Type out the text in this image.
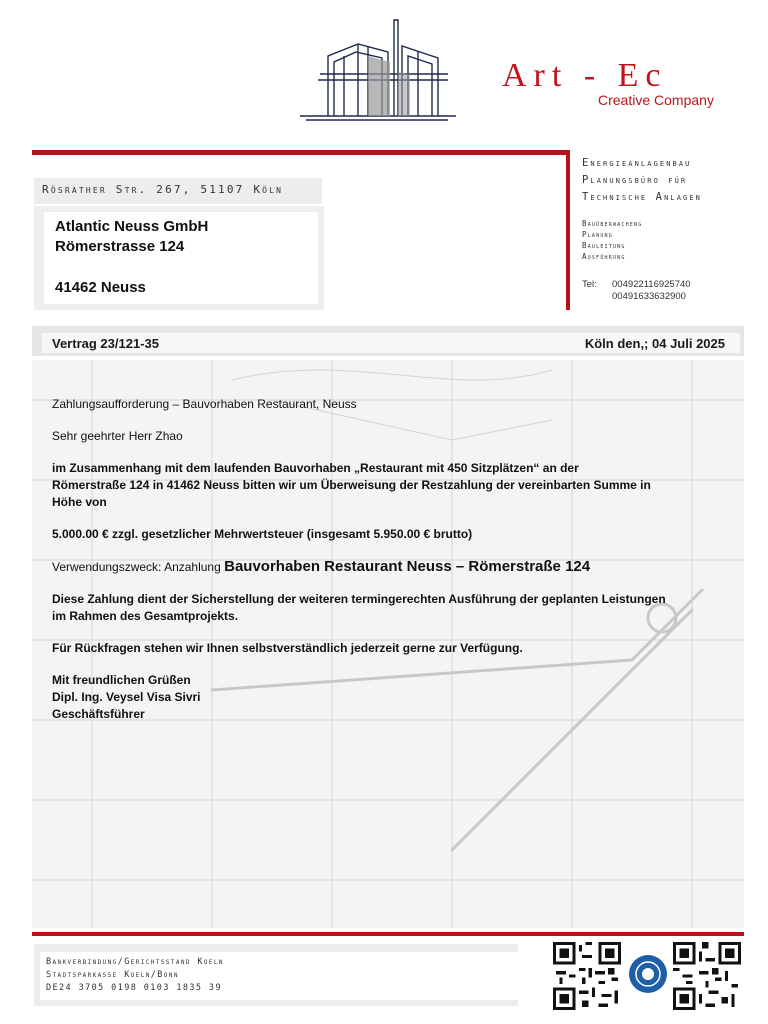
Art - Ec
Creative Company
Rösrather Str. 267, 51107 Köln
Atlantic Neuss GmbH
Römerstrasse 124
41462 Neuss
Energieanlagenbau
Planungsbüro für
Technische Anlagen
Bauüberwacheng
Planung
Bauleitung
Ausführung
Tel: 004922116925740
00491633632900
Vertrag 23/121-35	Köln den,; 04 Juli 2025

Zahlungsaufforderung – Bauvorhaben Restaurant, Neuss

Sehr geehrter Herr Zhao

im Zusammenhang mit dem laufenden Bauvorhaben „Restaurant mit 450 Sitzplätzen“ an der Römerstraße 124 in 41462 Neuss bitten wir um Überweisung der Restzahlung der vereinbarten Summe in Höhe von

5.000.00 € zzgl. gesetzlicher Mehrwertsteuer (insgesamt 5.950.00 € brutto)

Verwendungszweck: Anzahlung Bauvorhaben Restaurant Neuss – Römerstraße 124

Diese Zahlung dient der Sicherstellung der weiteren termingerechten Ausführung der geplanten Leistungen im Rahmen des Gesamtprojekts.

Für Rückfragen stehen wir Ihnen selbstverständlich jederzeit gerne zur Verfügung.

Mit freundlichen Grüßen
Dipl. Ing. Veysel Visa Sivri
Geschäftsführer

Bankverbindung/Gerichtsstand Koeln
Stadtsparkasse Koeln/Bonn
DE24 3705 0198 0103 1835 39
